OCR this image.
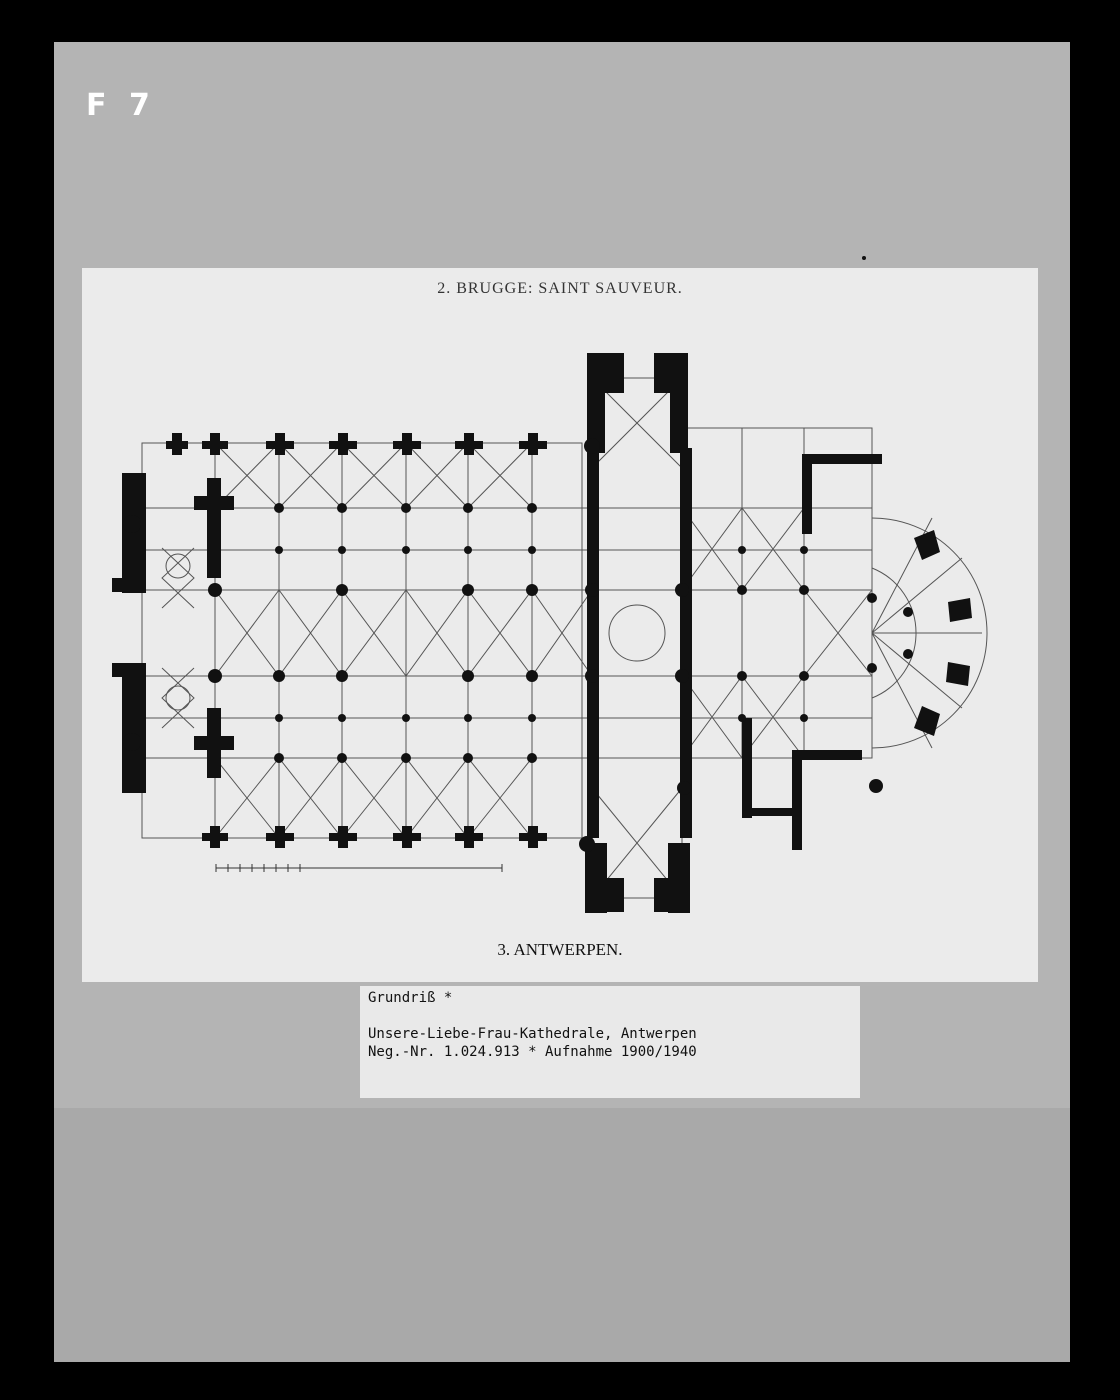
F 7
2. BRUGGE: SAINT SAUVEUR.
3. ANTWERPEN.
Grundriß *
Unsere-Liebe-Frau-Kathedrale, Antwerpen
Neg.-Nr. 1.024.913 * Aufnahme 1900/1940
